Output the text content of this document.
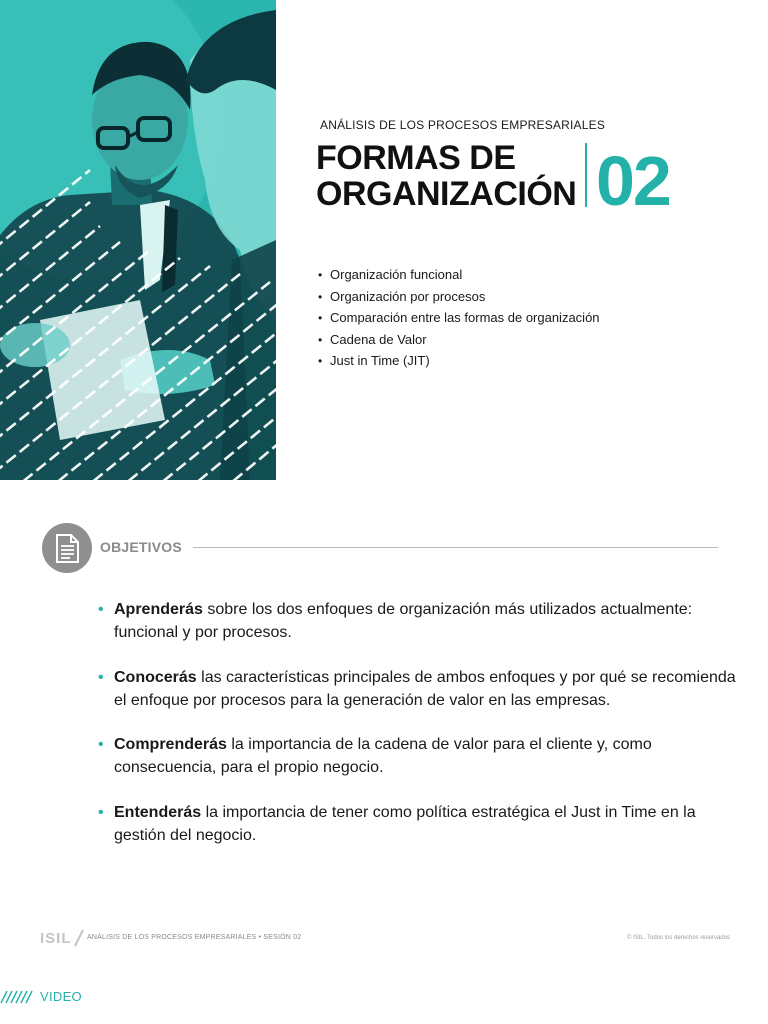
ANÁLISIS DE LOS PROCESOS EMPRESARIALES
FORMAS DE
ORGANIZACIÓN 02
• Organización funcional
• Organización por procesos
• Comparación entre las formas de organización
• Cadena de Valor
• Just in Time (JIT)
OBJETIVOS
• Aprenderás sobre los dos enfoques de organización más utilizados actualmente: funcional y por procesos.
• Conocerás las características principales de ambos enfoques y por qué se recomienda el enfoque por procesos para la generación de valor en las empresas.
• Comprenderás la importancia de la cadena de valor para el cliente y, como consecuencia, para el propio negocio.
• Entenderás la importancia de tener como política estratégica el Just in Time en la gestión del negocio.
ISIL ANÁLISIS DE LOS PROCESOS EMPRESARIALES • SESIÓN 02	© ISIL. Todos los derechos reservados
VIDEO
